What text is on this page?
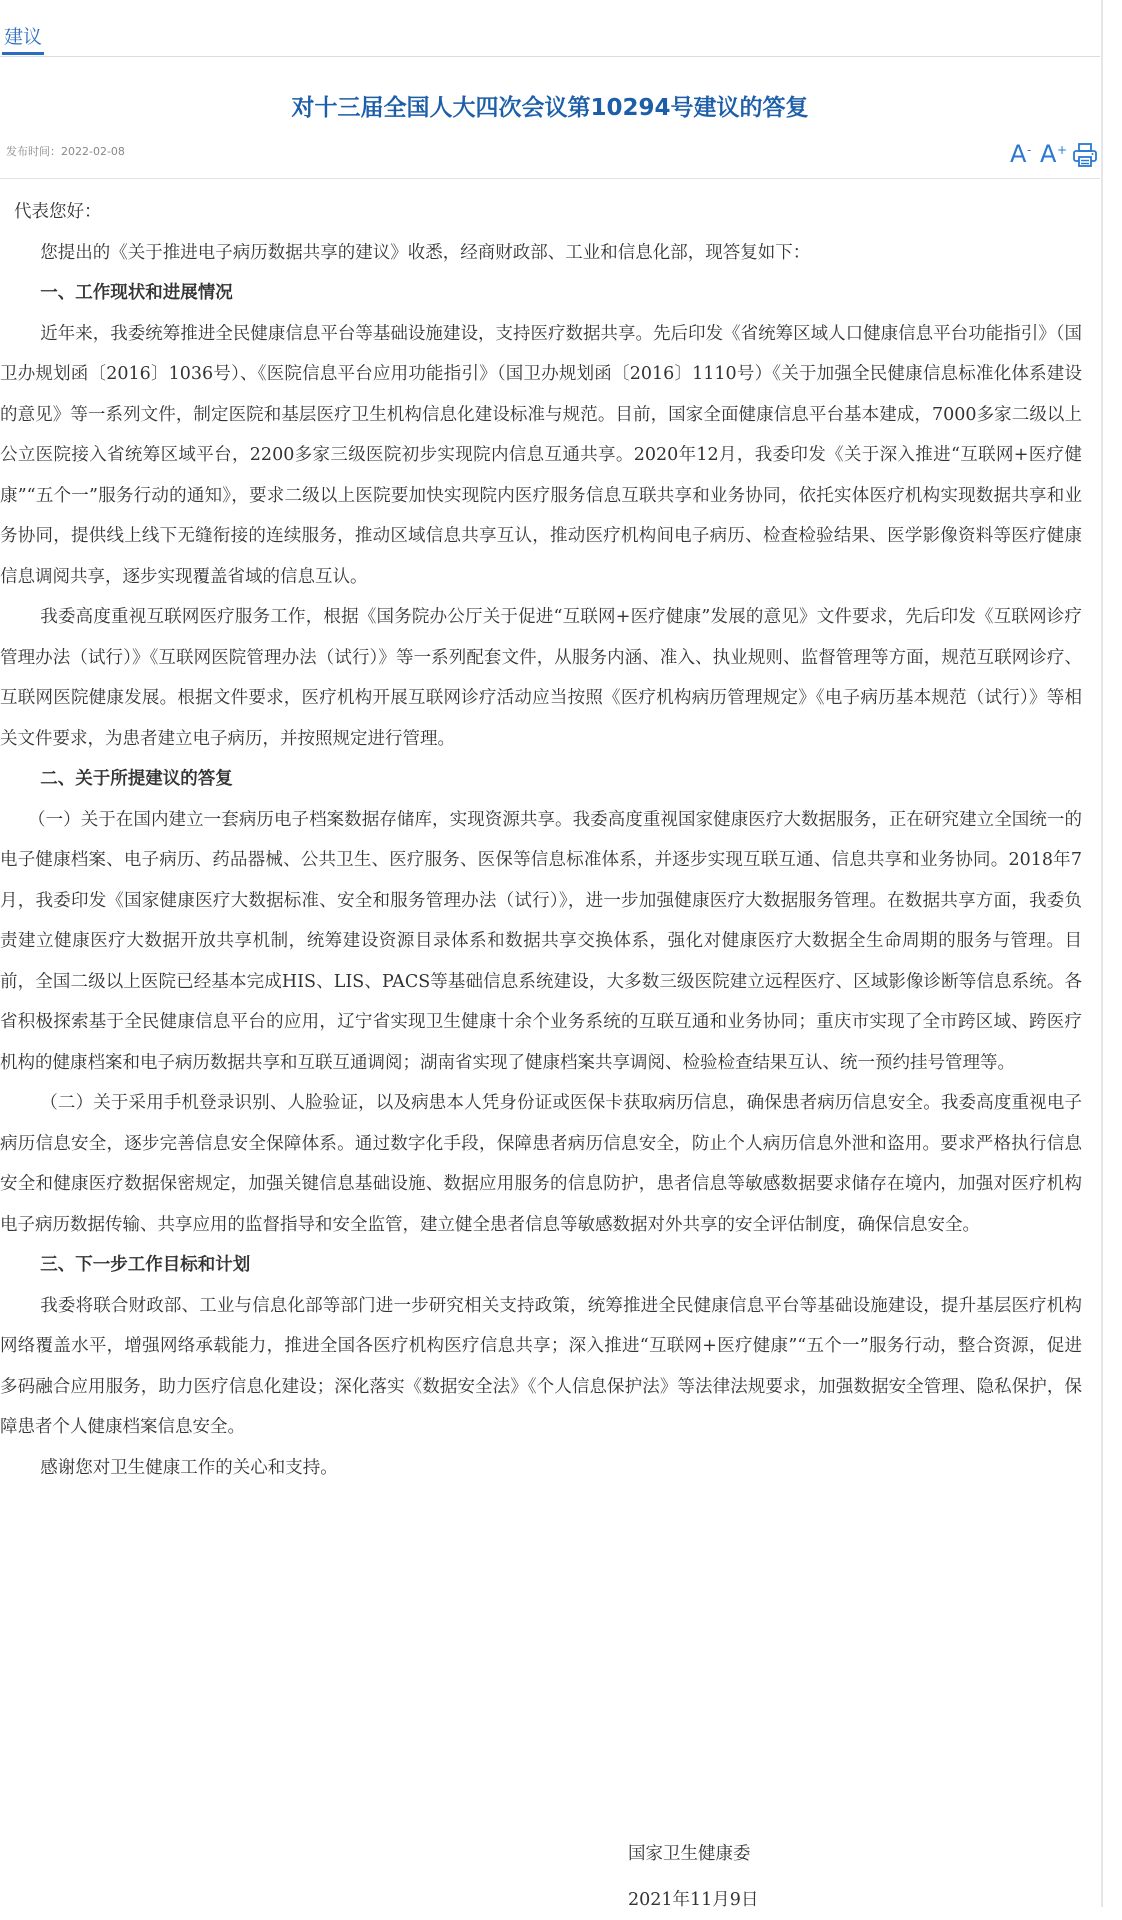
建议
对十三届全国人大四次会议第10294号建议的答复
发布时间：2022-02-08	A - A +

代表您好：

您提出的《关于推进电子病历数据共享的建议》收悉，经商财政部、工业和信息化部，现答复如下：

一、工作现状和进展情况

近年来，我委统筹推进全民健康信息平台等基础设施建设，支持医疗数据共享。先后印发《省统筹区域人口健康信息平台功能指引》（国卫办规划函〔2016〕1036号）、《医院信息平台应用功能指引》（国卫办规划函〔2016〕1110号）《关于加强全民健康信息标准化体系建设的意见》等一系列文件，制定医院和基层医疗卫生机构信息化建设标准与规范。目前，国家全面健康信息平台基本建成，7000多家二级以上公立医院接入省统筹区域平台，2200多家三级医院初步实现院内信息互通共享。2020年12月，我委印发《关于深入推进“互联网+医疗健康”“五个一”服务行动的通知》，要求二级以上医院要加快实现院内医疗服务信息互联共享和业务协同，依托实体医疗机构实现数据共享和业务协同，提供线上线下无缝衔接的连续服务，推动区域信息共享互认，推动医疗机构间电子病历、检查检验结果、医学影像资料等医疗健康信息调阅共享，逐步实现覆盖省域的信息互认。

我委高度重视互联网医疗服务工作，根据《国务院办公厅关于促进“互联网+医疗健康”发展的意见》文件要求，先后印发《互联网诊疗管理办法（试行）》《互联网医院管理办法（试行）》等一系列配套文件，从服务内涵、准入、执业规则、监督管理等方面，规范互联网诊疗、互联网医院健康发展。根据文件要求，医疗机构开展互联网诊疗活动应当按照《医疗机构病历管理规定》《电子病历基本规范（试行）》等相关文件要求，为患者建立电子病历，并按照规定进行管理。

二、关于所提建议的答复

（一）关于在国内建立一套病历电子档案数据存储库，实现资源共享。我委高度重视国家健康医疗大数据服务，正在研究建立全国统一的电子健康档案、电子病历、药品器械、公共卫生、医疗服务、医保等信息标准体系，并逐步实现互联互通、信息共享和业务协同。2018年7月，我委印发《国家健康医疗大数据标准、安全和服务管理办法（试行）》，进一步加强健康医疗大数据服务管理。在数据共享方面，我委负责建立健康医疗大数据开放共享机制，统筹建设资源目录体系和数据共享交换体系，强化对健康医疗大数据全生命周期的服务与管理。目前，全国二级以上医院已经基本完成HIS、LIS、PACS等基础信息系统建设，大多数三级医院建立远程医疗、区域影像诊断等信息系统。各省积极探索基于全民健康信息平台的应用，辽宁省实现卫生健康十余个业务系统的互联互通和业务协同；重庆市实现了全市跨区域、跨医疗机构的健康档案和电子病历数据共享和互联互通调阅；湖南省实现了健康档案共享调阅、检验检查结果互认、统一预约挂号管理等。

（二）关于采用手机登录识别、人脸验证，以及病患本人凭身份证或医保卡获取病历信息，确保患者病历信息安全。我委高度重视电子病历信息安全，逐步完善信息安全保障体系。通过数字化手段，保障患者病历信息安全，防止个人病历信息外泄和盗用。要求严格执行信息安全和健康医疗数据保密规定，加强关键信息基础设施、数据应用服务的信息防护，患者信息等敏感数据要求储存在境内，加强对医疗机构电子病历数据传输、共享应用的监督指导和安全监管，建立健全患者信息等敏感数据对外共享的安全评估制度，确保信息安全。

三、下一步工作目标和计划

我委将联合财政部、工业与信息化部等部门进一步研究相关支持政策，统筹推进全民健康信息平台等基础设施建设，提升基层医疗机构网络覆盖水平，增强网络承载能力，推进全国各医疗机构医疗信息共享；深入推进“互联网+医疗健康”“五个一”服务行动，整合资源，促进多码融合应用服务，助力医疗信息化建设；深化落实《数据安全法》《个人信息保护法》等法律法规要求，加强数据安全管理、隐私保护，保障患者个人健康档案信息安全。

感谢您对卫生健康工作的关心和支持。

国家卫生健康委
2021年11月9日
